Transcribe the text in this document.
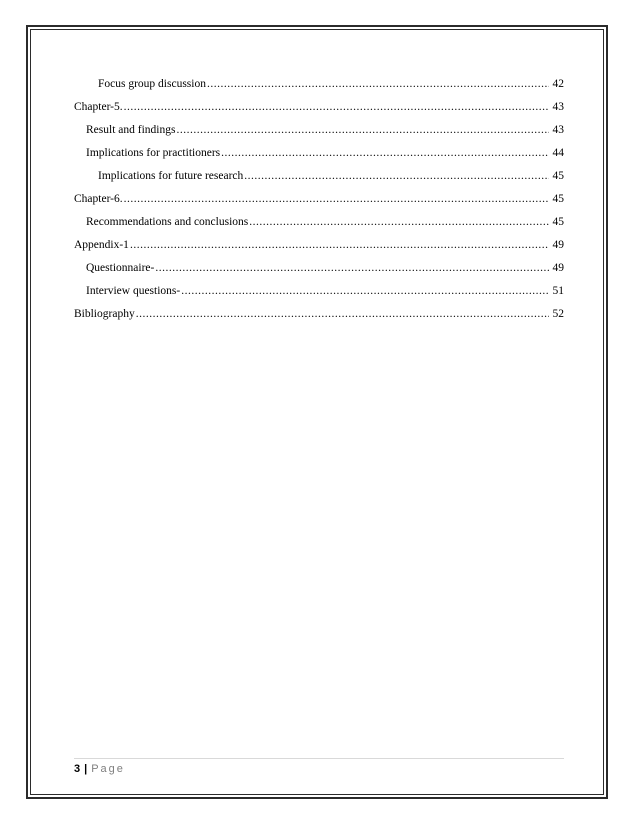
Focus group discussion .....	42
Chapter-5. .....	43
Result and findings .....	43
Implications for practitioners .....	44
Implications for future research .....	45
Chapter-6. .....	45
Recommendations and conclusions .....	45
Appendix-1 .....	49
Questionnaire- .....	49
Interview questions- .....	51
Bibliography .....	52
3 | Page
